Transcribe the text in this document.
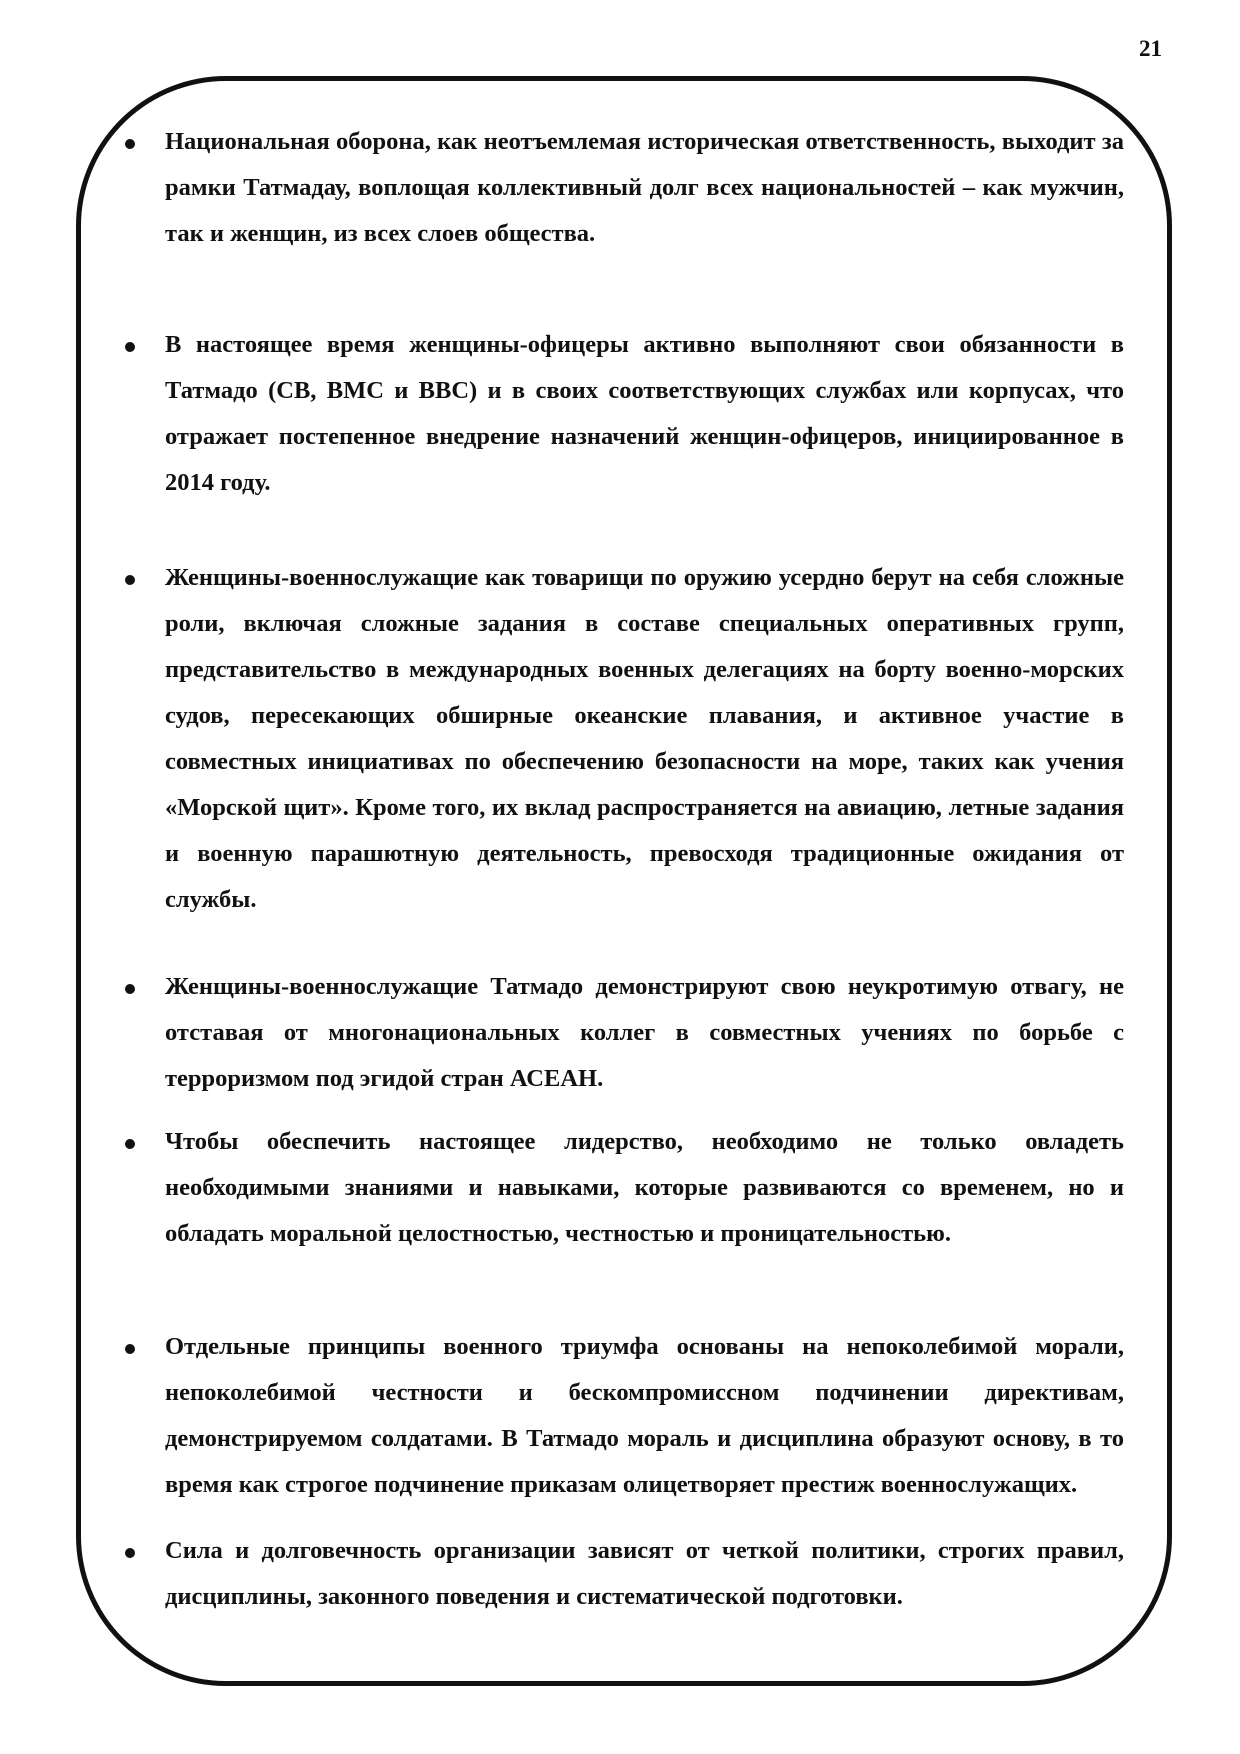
21
Национальная оборона, как неотъемлемая историческая ответственность, выходит за рамки Татмадау, воплощая коллективный долг всех национальностей – как мужчин, так и женщин, из всех слоев общества.
В настоящее время женщины-офицеры активно выполняют свои обязанности в Татмадо (СВ, ВМС и ВВС) и в своих соответствующих службах или корпусах, что отражает постепенное внедрение назначений женщин-офицеров, инициированное в 2014 году.
Женщины-военнослужащие как товарищи по оружию усердно берут на себя сложные роли, включая сложные задания в составе специальных оперативных групп, представительство в международных военных делегациях на борту военно-морских судов, пересекающих обширные океанские плавания, и активное участие в совместных инициативах по обеспечению безопасности на море, таких как учения «Морской щит». Кроме того, их вклад распространяется на авиацию, летные задания и военную парашютную деятельность, превосходя традиционные ожидания от службы.
Женщины-военнослужащие Татмадо демонстрируют свою неукротимую отвагу, не отставая от многонациональных коллег в совместных учениях по борьбе с терроризмом под эгидой стран АСЕАН.
Чтобы обеспечить настоящее лидерство, необходимо не только овладеть необходимыми знаниями и навыками, которые развиваются со временем, но и обладать моральной целостностью, честностью и проницательностью.
Отдельные принципы военного триумфа основаны на непоколебимой морали, непоколебимой честности и бескомпромиссном подчинении директивам, демонстрируемом солдатами. В Татмадо мораль и дисциплина образуют основу, в то время как строгое подчинение приказам олицетворяет престиж военнослужащих.
Сила и долговечность организации зависят от четкой политики, строгих правил, дисциплины, законного поведения и систематической подготовки.
